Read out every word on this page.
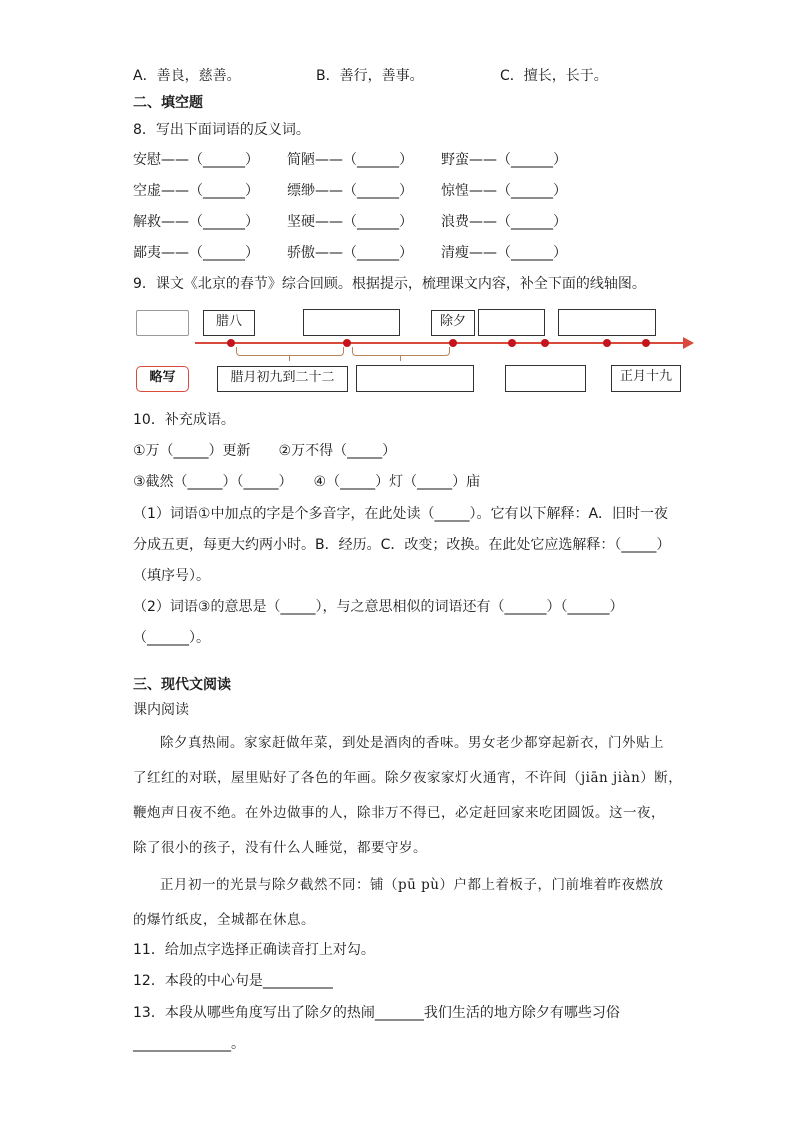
A．善良，慈善。	B．善行，善事。	C．擅长，长于。
二、填空题
8．写出下面词语的反义词。
安慰——（______） 简陋——（______） 野蛮——（______）
空虚——（______） 缥缈——（______） 惊惶——（______）
解救——（______） 坚硬——（______） 浪费——（______）
鄙夷——（______） 骄傲——（______） 清瘦——（______）
9．课文《北京的春节》综合回顾。根据提示，梳理课文内容，补全下面的线轴图。
腊八	除夕
略写	腊月初九到二十二	正月十九
10．补充成语。
①万（_____）更新　　②万不得（_____）
③截然（_____）（_____）　　④（_____）灯（_____）庙
（1）词语①中加点的字是个多音字，在此处读（_____）。它有以下解释：A．旧时一夜
分成五更，每更大约两小时。B．经历。C．改变；改换。在此处它应选解释：（_____）
（填序号）。
（2）词语③的意思是（_____），与之意思相似的词语还有（______）（______）
（______）。
三、现代文阅读
课内阅读
除夕真热闹。家家赶做年菜，到处是酒肉的香味。男女老少都穿起新衣，门外贴上
了红红的对联，屋里贴好了各色的年画。除夕夜家家灯火通宵，不许间（jiān jiàn）断，
鞭炮声日夜不绝。在外边做事的人，除非万不得已，必定赶回家来吃团圆饭。这一夜，
除了很小的孩子，没有什么人睡觉，都要守岁。
正月初一的光景与除夕截然不同：铺（pū pù）户都上着板子，门前堆着昨夜燃放
的爆竹纸皮，全城都在休息。
11．给加点字选择正确读音打上对勾。
12．本段的中心句是__________
13．本段从哪些角度写出了除夕的热闹_______我们生活的地方除夕有哪些习俗
______________。
